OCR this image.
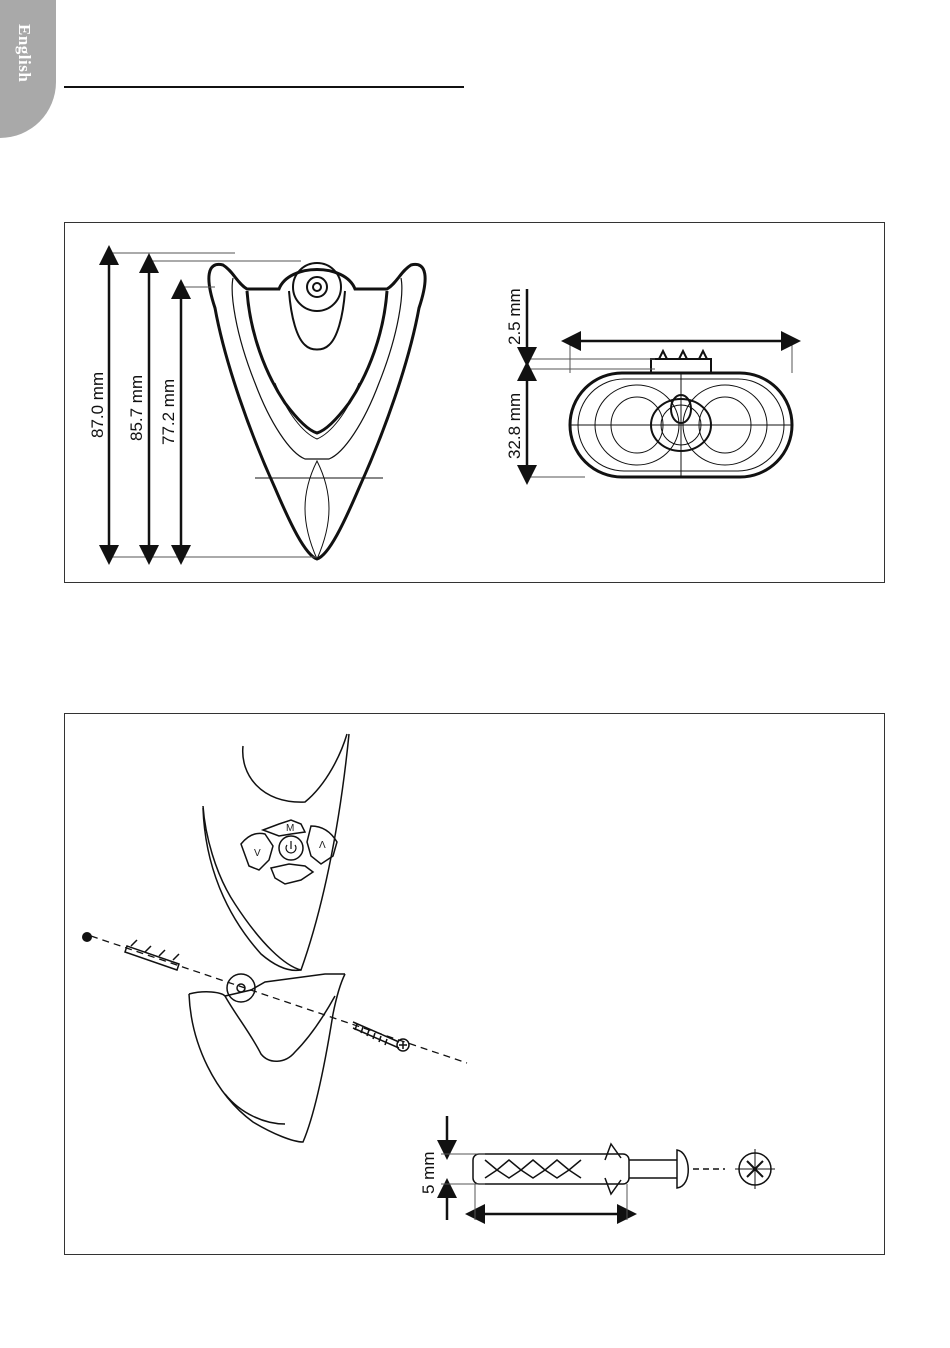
English
87.0 mm 85.7 mm 77.2 mm
2.5 mm
32.8 mm
M
V
Λ
5 mm
